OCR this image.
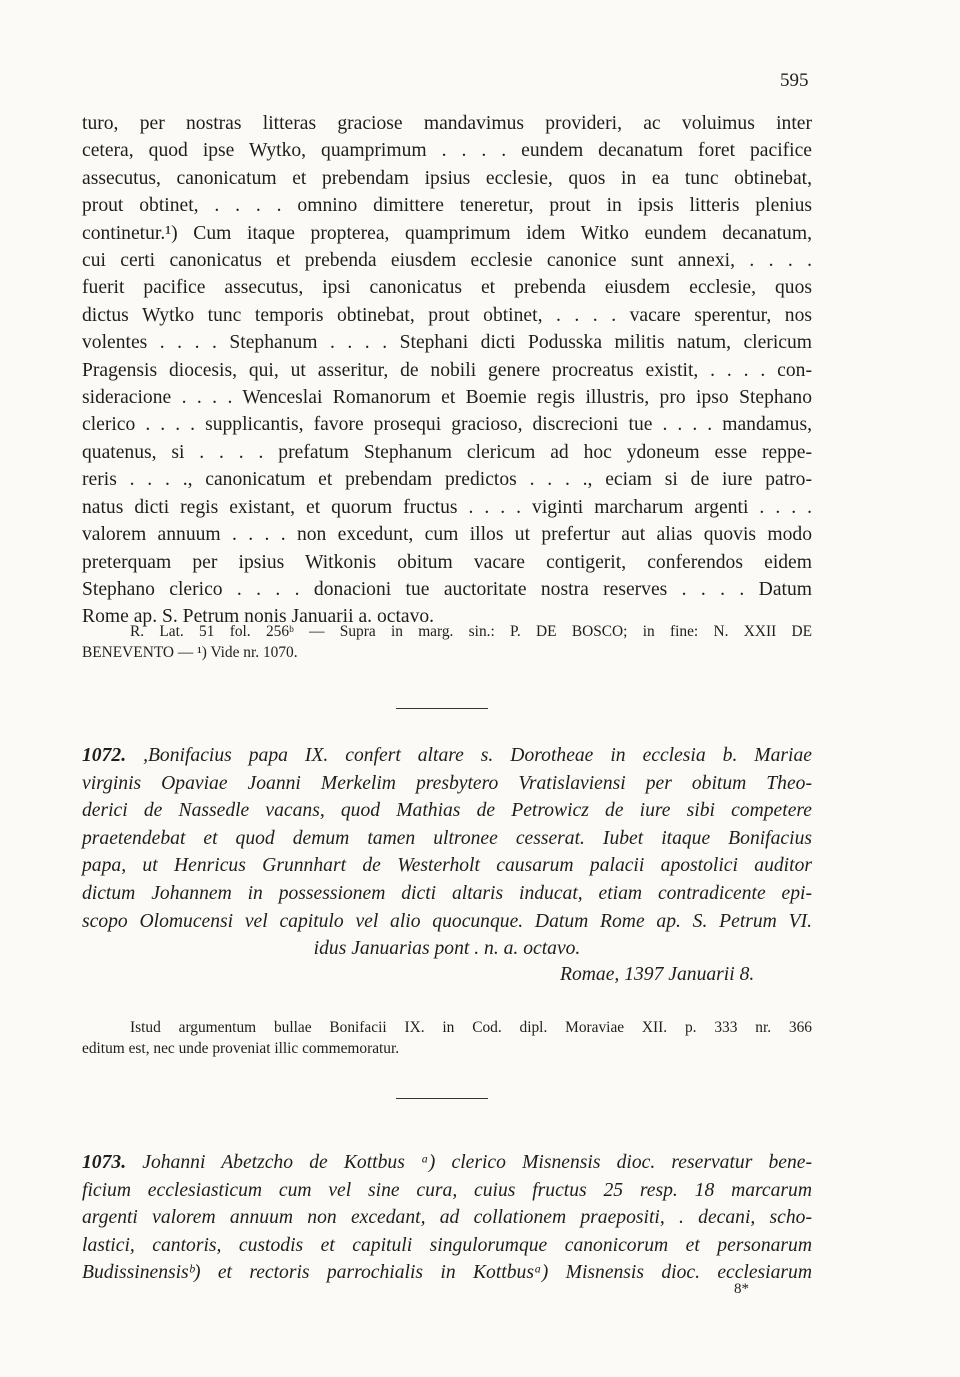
595
turo, per nostras litteras graciose mandavimus provideri, ac voluimus inter
cetera, quod ipse Wytko, quamprimum . . . . eundem decanatum foret pacifice
assecutus, canonicatum et prebendam ipsius ecclesie, quos in ea tunc obtinebat,
prout obtinet, . . . . omnino dimittere teneretur, prout in ipsis litteris plenius
continetur.¹) Cum itaque propterea, quamprimum idem Witko eundem decanatum,
cui certi canonicatus et prebenda eiusdem ecclesie canonice sunt annexi, . . . .
fuerit pacifice assecutus, ipsi canonicatus et prebenda eiusdem ecclesie, quos
dictus Wytko tunc temporis obtinebat, prout obtinet, . . . . vacare sperentur, nos
volentes . . . . Stephanum . . . . Stephani dicti Podusska militis natum, clericum
Pragensis diocesis, qui, ut asseritur, de nobili genere procreatus existit, . . . . con-
sideracione . . . . Wenceslai Romanorum et Boemie regis illustris, pro ipso Stephano
clerico . . . . supplicantis, favore prosequi gracioso, discrecioni tue . . . . mandamus,
quatenus, si . . . . prefatum Stephanum clericum ad hoc ydoneum esse reppe-
reris . . . ., canonicatum et prebendam predictos . . . ., eciam si de iure patro-
natus dicti regis existant, et quorum fructus . . . . viginti marcharum argenti . . . .
valorem annuum . . . . non excedunt, cum illos ut prefertur aut alias quovis modo
preterquam per ipsius Witkonis obitum vacare contigerit, conferendos eidem
Stephano clerico . . . . donacioni tue auctoritate nostra reserves . . . . Datum
Rome ap. S. Petrum nonis Januarii a. octavo.
R. Lat. 51 fol. 256ᵇ — Supra in marg. sin.: P. DE BOSCO; in fine: N. XXII DE
BENEVENTO — ¹) Vide nr. 1070.
1072. ,Bonifacius papa IX. confert altare s. Dorotheae in ecclesia b. Mariae
virginis Opaviae Joanni Merkelim presbytero Vratislaviensi per obitum Theo-
derici de Nassedle vacans, quod Mathias de Petrowicz de iure sibi competere
praetendebat et quod demum tamen ultronee cesserat. Iubet itaque Bonifacius
papa, ut Henricus Grunnhart de Westerholt causarum palacii apostolici auditor
dictum Johannem in possessionem dicti altaris inducat, etiam contradicente epi-
scopo Olomucensi vel capitulo vel alio quocunque. Datum Rome ap. S. Petrum VI.
idus Januarias pont . n. a. octavo.
Romae, 1397 Januarii 8.
Istud argumentum bullae Bonifacii IX. in Cod. dipl. Moraviae XII. p. 333 nr. 366
editum est, nec unde proveniat illic commemoratur.
1073. Johanni Abetzcho de Kottbus ᵃ) clerico Misnensis dioc. reservatur bene-
ficium ecclesiasticum cum vel sine cura, cuius fructus 25 resp. 18 marcarum
argenti valorem annuum non excedant, ad collationem praepositi, . decani, scho-
lastici, cantoris, custodis et capituli singulorumque canonicorum et personarum
Budissinensisᵇ) et rectoris parrochialis in Kottbusᵃ) Misnensis dioc. ecclesiarum
8*
